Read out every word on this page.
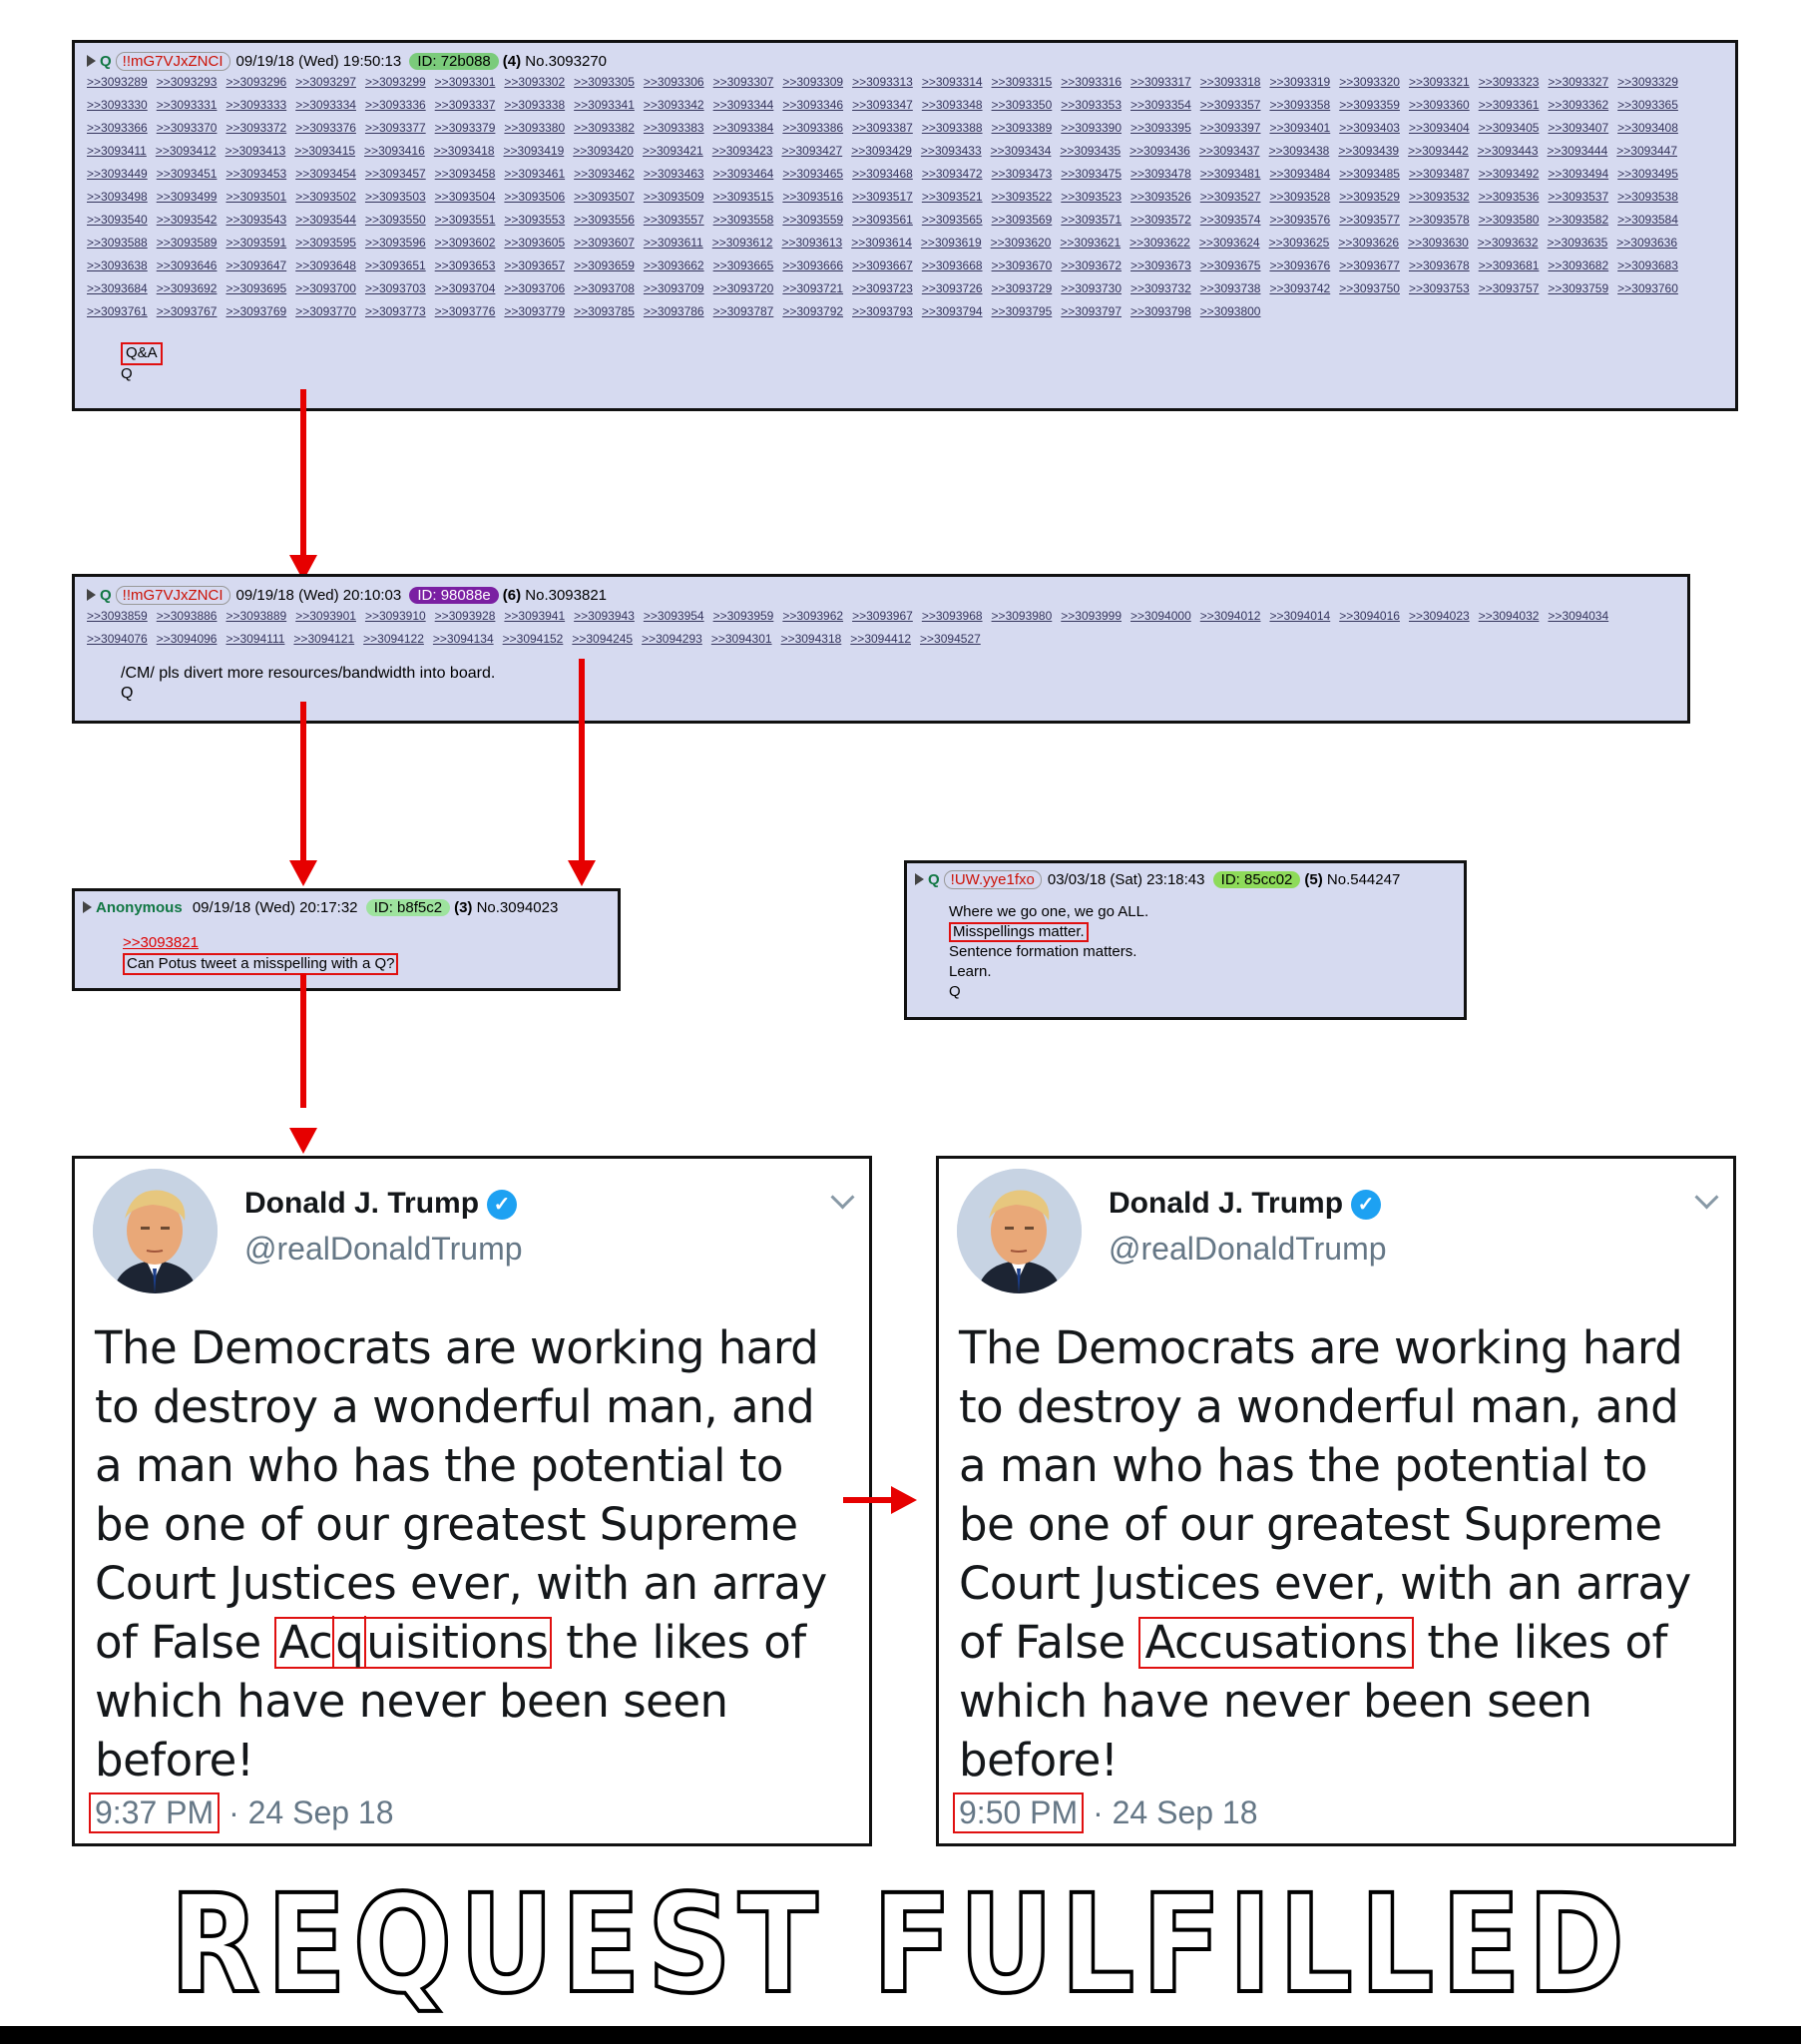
Q !!mG7VJxZNCI 09/19/18 (Wed) 19:50:13 ID: 72b088 (4) No.3093270
>>3093289 >>3093293 >>3093296 >>3093297 >>3093299 >>3093301 >>3093302 >>3093305 >>3093306 >>3093307 >>3093309 >>3093313 >>3093314 >>3093315 >>3093316 >>3093317 >>3093318 >>3093319 >>3093320 >>3093321 >>3093323 >>3093327 >>3093329>>3093330 >>3093331 >>3093333 >>3093334 >>3093336 >>3093337 >>3093338 >>3093341 >>3093342 >>3093344 >>3093346 >>3093347 >>3093348 >>3093350 >>3093353 >>3093354 >>3093357 >>3093358 >>3093359 >>3093360 >>3093361 >>3093362 >>3093365>>3093366 >>3093370 >>3093372 >>3093376 >>3093377 >>3093379 >>3093380 >>3093382 >>3093383 >>3093384 >>3093386 >>3093387 >>3093388 >>3093389 >>3093390 >>3093395 >>3093397 >>3093401 >>3093403 >>3093404 >>3093405 >>3093407 >>3093408>>3093411 >>3093412 >>3093413 >>3093415 >>3093416 >>3093418 >>3093419 >>3093420 >>3093421 >>3093423 >>3093427 >>3093429 >>3093433 >>3093434 >>3093435 >>3093436 >>3093437 >>3093438 >>3093439 >>3093442 >>3093443 >>3093444 >>3093447>>3093449 >>3093451 >>3093453 >>3093454 >>3093457 >>3093458 >>3093461 >>3093462 >>3093463 >>3093464 >>3093465 >>3093468 >>3093472 >>3093473 >>3093475 >>3093478 >>3093481 >>3093484 >>3093485 >>3093487 >>3093492 >>3093494 >>3093495>>3093498 >>3093499 >>3093501 >>3093502 >>3093503 >>3093504 >>3093506 >>3093507 >>3093509 >>3093515 >>3093516 >>3093517 >>3093521 >>3093522 >>3093523 >>3093526 >>3093527 >>3093528 >>3093529 >>3093532 >>3093536 >>3093537 >>3093538>>3093540 >>3093542 >>3093543 >>3093544 >>3093550 >>3093551 >>3093553 >>3093556 >>3093557 >>3093558 >>3093559 >>3093561 >>3093565 >>3093569 >>3093571 >>3093572 >>3093574 >>3093576 >>3093577 >>3093578 >>3093580 >>3093582 >>3093584>>3093588 >>3093589 >>3093591 >>3093595 >>3093596 >>3093602 >>3093605 >>3093607 >>3093611 >>3093612 >>3093613 >>3093614 >>3093619 >>3093620 >>3093621 >>3093622 >>3093624 >>3093625 >>3093626 >>3093630 >>3093632 >>3093635 >>3093636>>3093638 >>3093646 >>3093647 >>3093648 >>3093651 >>3093653 >>3093657 >>3093659 >>3093662 >>3093665 >>3093666 >>3093667 >>3093668 >>3093670 >>3093672 >>3093673 >>3093675 >>3093676 >>3093677 >>3093678 >>3093681 >>3093682 >>3093683>>3093684 >>3093692 >>3093695 >>3093700 >>3093703 >>3093704 >>3093706 >>3093708 >>3093709 >>3093720 >>3093721 >>3093723 >>3093726 >>3093729 >>3093730 >>3093732 >>3093738 >>3093742 >>3093750 >>3093753 >>3093757 >>3093759 >>3093760>>3093761 >>3093767 >>3093769 >>3093770 >>3093773 >>3093776 >>3093779 >>3093785 >>3093786 >>3093787 >>3093792 >>3093793 >>3093794 >>3093795 >>3093797 >>3093798 >>3093800
Q&A
Q
Q !!mG7VJxZNCI 09/19/18 (Wed) 20:10:03 ID: 98088e (6) No.3093821
>>3093859 >>3093886 >>3093889 >>3093901 >>3093910 >>3093928 >>3093941 >>3093943 >>3093954 >>3093959 >>3093962 >>3093967 >>3093968 >>3093980 >>3093999 >>3094000 >>3094012 >>3094014 >>3094016 >>3094023 >>3094032 >>3094034>>3094076 >>3094096 >>3094111 >>3094121 >>3094122 >>3094134 >>3094152 >>3094245 >>3094293 >>3094301 >>3094318 >>3094412 >>3094527
/CM/ pls divert more resources/bandwidth into board.
Q
Anonymous 09/19/18 (Wed) 20:17:32 ID: b8f5c2 (3) No.3094023
>>3093821
Can Potus tweet a misspelling with a Q?
Q !UW.yye1fxo 03/03/18 (Sat) 23:18:43 ID: 85cc02 (5) No.544247
Where we go one, we go ALL.
Misspellings matter.
Sentence formation matters.
Learn.
Q
Donald J. Trump ✓
@realDonaldTrump
The Democrats are working hard to destroy a wonderful man, and a man who has the potential to be one of our greatest Supreme Court Justices ever, with an array of False Acquisitions the likes of which have never been seen before!
9:37 PM · 24 Sep 18
Donald J. Trump ✓
@realDonaldTrump
The Democrats are working hard to destroy a wonderful man, and a man who has the potential to be one of our greatest Supreme Court Justices ever, with an array of False Accusations the likes of which have never been seen before!
9:50 PM · 24 Sep 18
REQUEST FULFILLED
